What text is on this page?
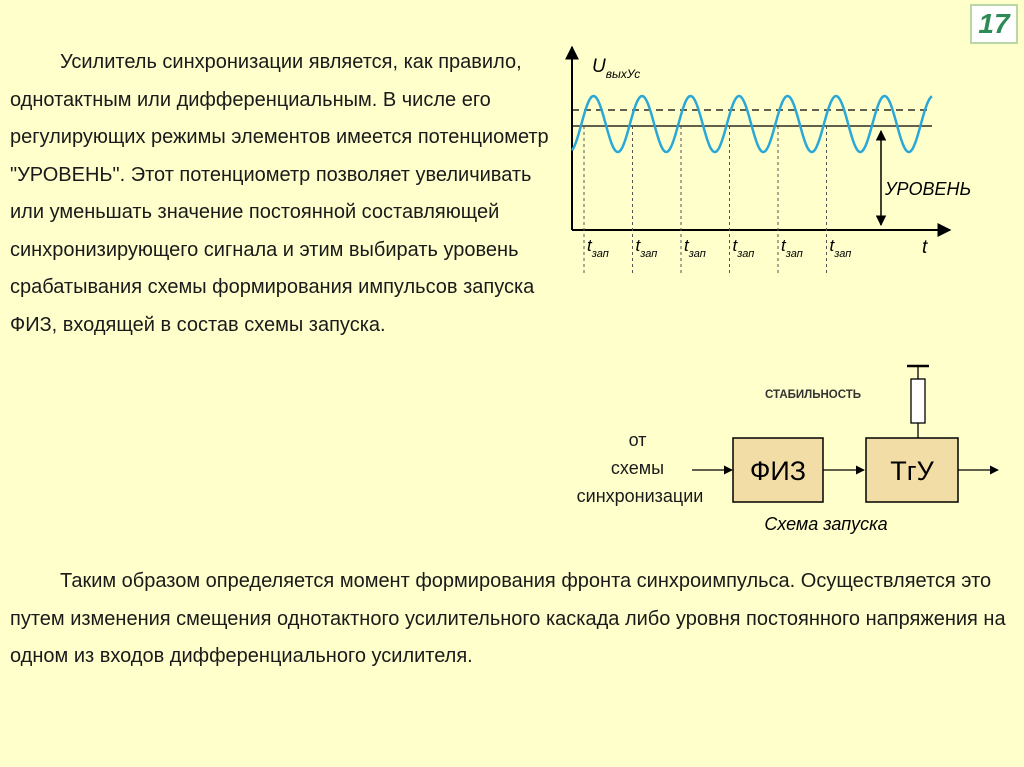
17

Усилитель синхронизации является, как правило, однотактным или дифференциальным. В числе его регулирующих режимы элементов имеется потенциометр "УРОВЕНЬ". Этот потенциометр позволяет увеличивать или уменьшать значение постоянной составляющей синхронизирующего сигнала и этим выбирать уровень срабатывания схемы формирования импульсов запуска ФИЗ, входящей в состав схемы запуска.

$U_{выхУс}$
УРОВЕНЬ
$t_{зап}$ $t_{зап}$ $t_{зап}$ $t_{зап}$ $t_{зап}$ $t_{зап}$	t
от схемы синхронизации
ФИЗ	ТгУ
СТАБИЛЬНОСТЬ
Схема запуска

Таким образом определяется момент формирования фронта синхроимпульса. Осуществляется это путем изменения смещения однотактного усилительного каскада либо уровня постоянного напряжения на одном из входов дифференциального усилителя.
